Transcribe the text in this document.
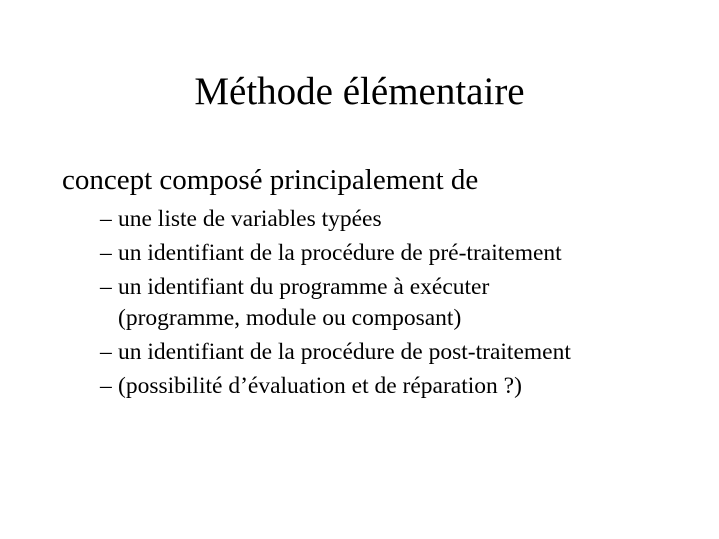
Méthode élémentaire
concept composé principalement de
– une liste de variables typées
– un identifiant de la procédure de pré-traitement
– un identifiant du programme à exécuter
(programme, module ou composant)
– un identifiant de la procédure de post-traitement
– (possibilité d’évaluation et de réparation ?)
